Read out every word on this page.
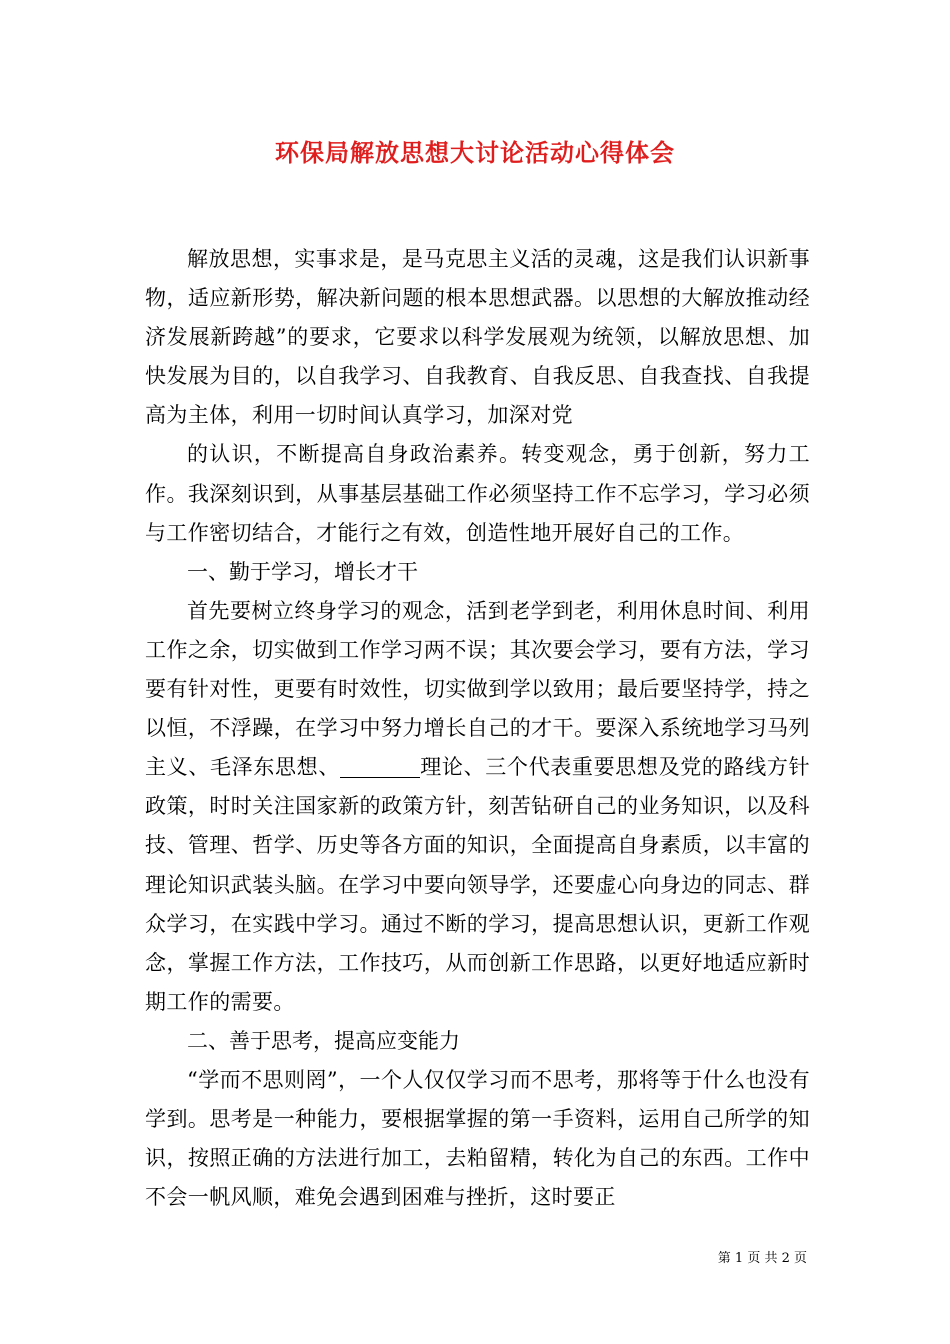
环保局解放思想大讨论活动心得体会

解放思想，实事求是，是马克思主义活的灵魂，这是我们认识新事物，适应新形势，解决新问题的根本思想武器。以思想的大解放推动经济发展新跨越”的要求，它要求以科学发展观为统领，以解放思想、加快发展为目的，以自我学习、自我教育、自我反思、自我查找、自我提高为主体，利用一切时间认真学习，加深对党

的认识，不断提高自身政治素养。转变观念，勇于创新，努力工作。我深刻识到，从事基层基础工作必须坚持工作不忘学习，学习必须与工作密切结合，才能行之有效，创造性地开展好自己的工作。

一、勤于学习，增长才干

首先要树立终身学习的观念，活到老学到老，利用休息时间、利用工作之余，切实做到工作学习两不误；其次要会学习，要有方法，学习要有针对性，更要有时效性，切实做到学以致用；最后要坚持学，持之以恒，不浮躁，在学习中努力增长自己的才干。要深入系统地学习马列主义、毛泽东思想、	理论、三个代表重要思想及党的路线方针政策，时时关注国家新的政策方针，刻苦钻研自己的业务知识，以及科技、管理、哲学、历史等各方面的知识，全面提高自身素质，以丰富的理论知识武装头脑。在学习中要向领导学，还要虚心向身边的同志、群众学习，在实践中学习。通过不断的学习，提高思想认识，更新工作观念，掌握工作方法，工作技巧，从而创新工作思路，以更好地适应新时期工作的需要。

二、善于思考，提高应变能力

“学而不思则罔”，一个人仅仅学习而不思考，那将等于什么也没有学到。思考是一种能力，要根据掌握的第一手资料，运用自己所学的知识，按照正确的方法进行加工，去粕留精，转化为自己的东西。工作中不会一帆风顺，难免会遇到困难与挫折，这时要正

第 1 页 共 2 页
